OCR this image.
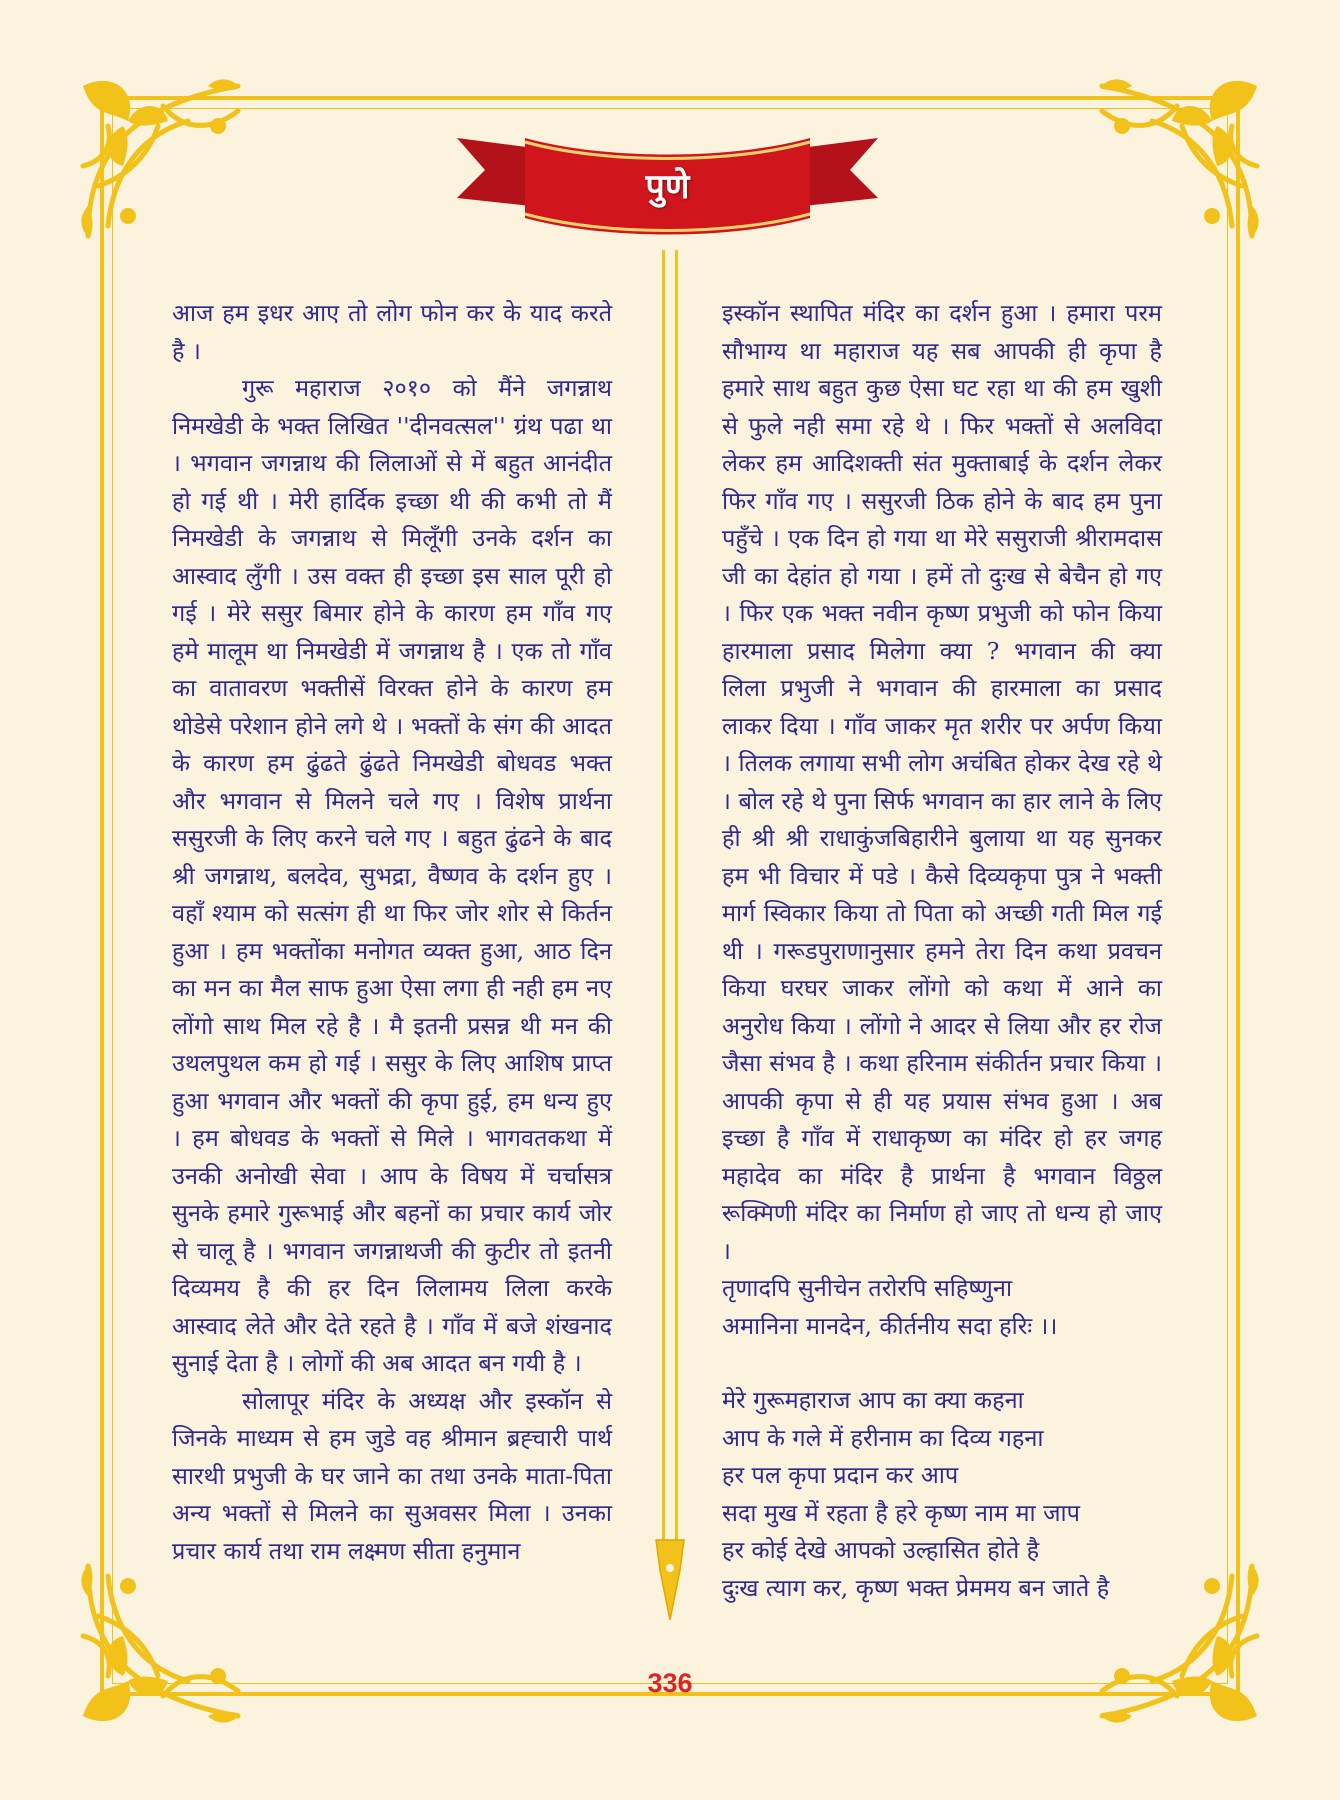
पुणे

आज हम इधर आए तो लोग फोन कर के याद करते है ।

गुरू महाराज २०१० को मैंने जगन्नाथ निमखेडी के भक्त लिखित ''दीनवत्सल'' ग्रंथ पढा था । भगवान जगन्नाथ की लिलाओं से में बहुत आनंदीत हो गई थी । मेरी हार्दिक इच्छा थी की कभी तो मैं निमखेडी के जगन्नाथ से मिलूँगी उनके दर्शन का आस्वाद लुँगी । उस वक्त ही इच्छा इस साल पूरी हो गई । मेरे ससुर बिमार होने के कारण हम गाँव गए हमे मालूम था निमखेडी में जगन्नाथ है । एक तो गाँव का वातावरण भक्तीसें विरक्त होने के कारण हम थोडेसे परेशान होने लगे थे । भक्तों के संग की आदत के कारण हम ढुंढते ढुंढते निमखेडी बोधवड भक्त और भगवान से मिलने चले गए । विशेष प्रार्थना ससुरजी के लिए करने चले गए । बहुत ढुंढने के बाद श्री जगन्नाथ, बलदेव, सुभद्रा, वैष्णव के दर्शन हुए । वहाँ श्याम को सत्संग ही था फिर जोर शोर से किर्तन हुआ । हम भक्तोंका मनोगत व्यक्त हुआ, आठ दिन का मन का मैल साफ हुआ ऐसा लगा ही नही हम नए लोंगो साथ मिल रहे है । मै इतनी प्रसन्न थी मन की उथलपुथल कम हो गई । ससुर के लिए आशिष प्राप्त हुआ भगवान और भक्तों की कृपा हुई, हम धन्य हुए । हम बोधवड के भक्तों से मिले । भागवतकथा में उनकी अनोखी सेवा । आप के विषय में चर्चासत्र सुनके हमारे गुरूभाई और बहनों का प्रचार कार्य जोर से चालू है । भगवान जगन्नाथजी की कुटीर तो इतनी दिव्यमय है की हर दिन लिलामय लिला करके आस्वाद लेते और देते रहते है । गाँव में बजे शंखनाद सुनाई देता है । लोगों की अब आदत बन गयी है ।

सोलापूर मंदिर के अध्यक्ष और इस्कॉन से जिनके माध्यम से हम जुडे वह श्रीमान ब्रह्चारी पार्थ सारथी प्रभुजी के घर जाने का तथा उनके माता-पिता अन्य भक्तों से मिलने का सुअवसर मिला । उनका प्रचार कार्य तथा राम लक्ष्मण सीता हनुमान

इस्कॉन स्थापित मंदिर का दर्शन हुआ । हमारा परम सौभाग्य था महाराज यह सब आपकी ही कृपा है हमारे साथ बहुत कुछ ऐसा घट रहा था की हम खुशी से फुले नही समा रहे थे । फिर भक्तों से अलविदा लेकर हम आदिशक्ती संत मुक्ताबाई के दर्शन लेकर फिर गाँव गए । ससुरजी ठिक होने के बाद हम पुना पहुँचे । एक दिन हो गया था मेरे ससुराजी श्रीरामदास जी का देहांत हो गया । हमें तो दुःख से बेचैन हो गए । फिर एक भक्त नवीन कृष्ण प्रभुजी को फोन किया हारमाला प्रसाद मिलेगा क्या ? भगवान की क्या लिला प्रभुजी ने भगवान की हारमाला का प्रसाद लाकर दिया । गाँव जाकर मृत शरीर पर अर्पण किया । तिलक लगाया सभी लोग अचंबित होकर देख रहे थे । बोल रहे थे पुना सिर्फ भगवान का हार लाने के लिए ही श्री श्री राधाकुंजबिहारीने बुलाया था यह सुनकर हम भी विचार में पडे । कैसे दिव्यकृपा पुत्र ने भक्ती मार्ग स्विकार किया तो पिता को अच्छी गती मिल गई थी । गरूडपुराणानुसार हमने तेरा दिन कथा प्रवचन किया घरघर जाकर लोंगो को कथा में आने का अनुरोध किया । लोंगो ने आदर से लिया और हर रोज जैसा संभव है । कथा हरिनाम संकीर्तन प्रचार किया । आपकी कृपा से ही यह प्रयास संभव हुआ । अब इच्छा है गाँव में राधाकृष्ण का मंदिर हो हर जगह महादेव का मंदिर है प्रार्थना है भगवान विठ्ठल रूक्मिणी मंदिर का निर्माण हो जाए तो धन्य हो जाए ।

तृणादपि सुनीचेन तरोरपि सहिष्णुना

अमानिना मानदेन, कीर्तनीय सदा हरिः ।।

मेरे गुरूमहाराज आप का क्या कहना

आप के गले में हरीनाम का दिव्य गहना

हर पल कृपा प्रदान कर आप

सदा मुख में रहता है हरे कृष्ण नाम मा जाप

हर कोई देखे आपको उल्हासित होते है

दुःख त्याग कर, कृष्ण भक्त प्रेममय बन जाते है

336
